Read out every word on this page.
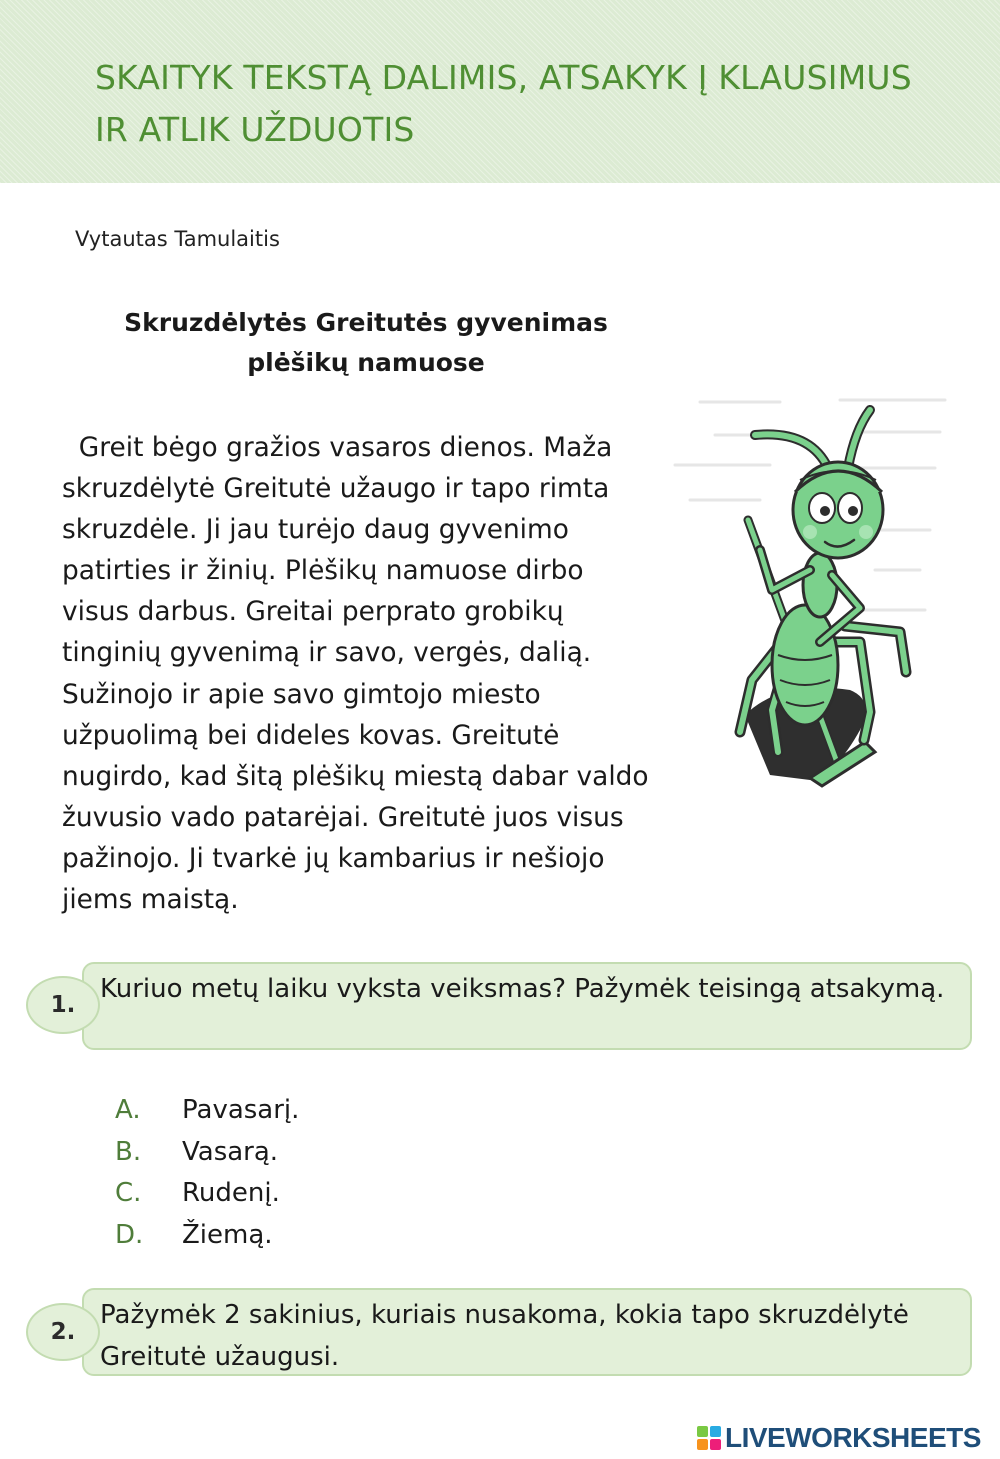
SKAITYK TEKSTĄ DALIMIS, ATSAKYK Į KLAUSIMUS
IR ATLIK UŽDUOTIS
Vytautas Tamulaitis
Skruzdėlytės Greitutės gyvenimas
plėšikų namuose
Greit bėgo gražios vasaros dienos. Maža
skruzdėlytė Greitutė užaugo ir tapo rimta
skruzdėle. Ji jau turėjo daug gyvenimo
patirties ir žinių. Plėšikų namuose dirbo
visus darbus. Greitai perprato grobikų
tinginių gyvenimą ir savo, vergės, dalią.
Sužinojo ir apie savo gimtojo miesto
užpuolimą bei dideles kovas. Greitutė
nugirdo, kad šitą plėšikų miestą dabar valdo
žuvusio vado patarėjai. Greitutė juos visus
pažinojo. Ji tvarkė jų kambarius ir nešiojo
jiems maistą.
Kuriuo metų laiku vyksta veiksmas? Pažymėk teisingą atsakymą.
1.
A. Pavasarį.
B. Vasarą.
C. Rudenį.
D. Žiemą.
Pažymėk 2 sakinius, kuriais nusakoma, kokia tapo skruzdėlytė Greitutė užaugusi.
2.
LIVEWORKSHEETS
